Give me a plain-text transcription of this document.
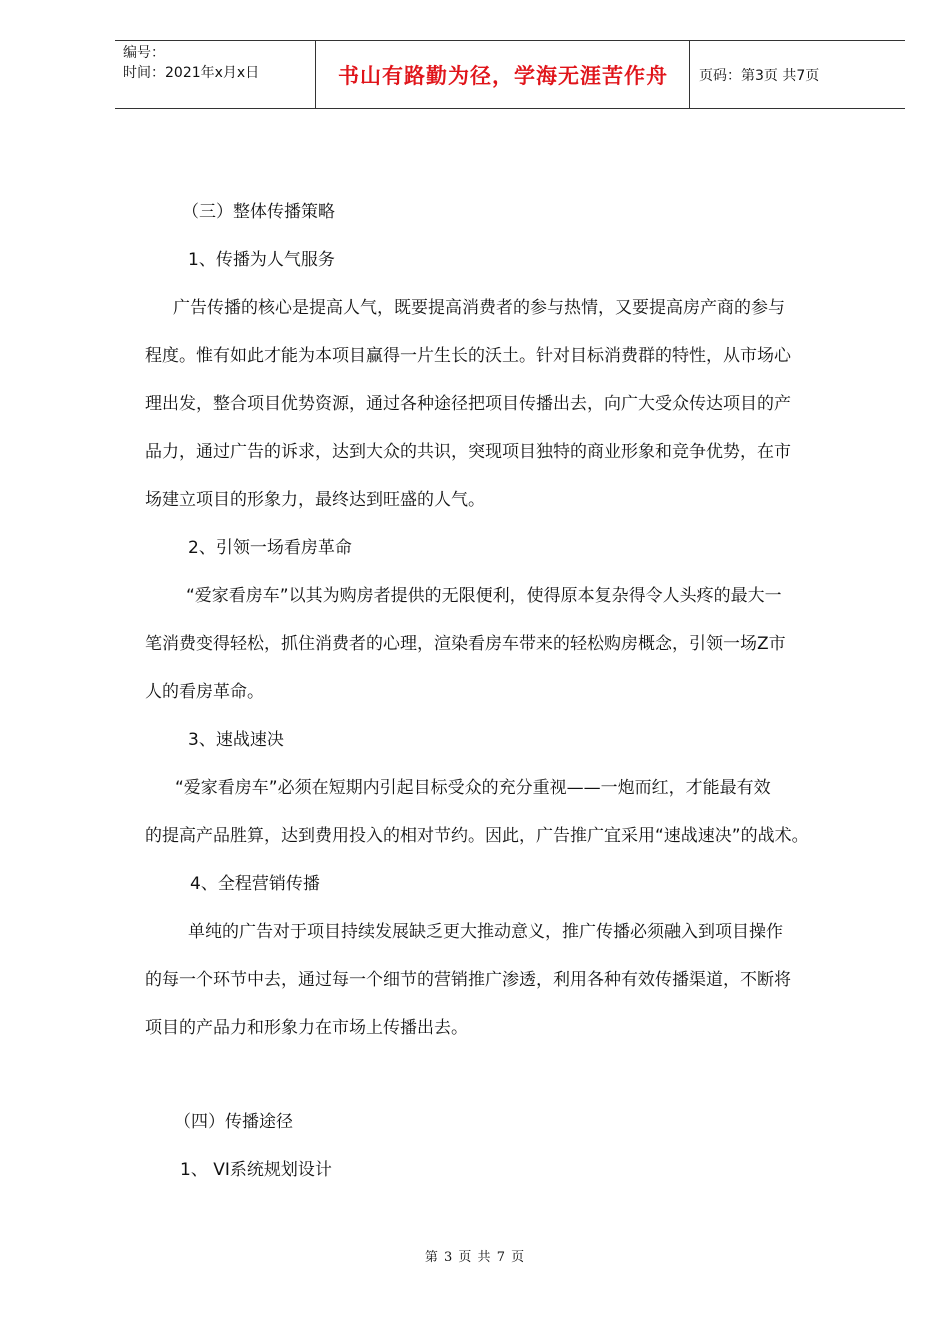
编号：
时间：2021年x月x日	书山有路勤为径，学海无涯苦作舟	页码：第3页 共7页
（三）整体传播策略
1、传播为人气服务
广告传播的核心是提高人气，既要提高消费者的参与热情，又要提高房产商的参与
程度。惟有如此才能为本项目赢得一片生长的沃土。针对目标消费群的特性，从市场心
理出发，整合项目优势资源，通过各种途径把项目传播出去，向广大受众传达项目的产
品力，通过广告的诉求，达到大众的共识，突现项目独特的商业形象和竞争优势，在市
场建立项目的形象力，最终达到旺盛的人气。
2、引领一场看房革命
“爱家看房车”以其为购房者提供的无限便利，使得原本复杂得令人头疼的最大一
笔消费变得轻松，抓住消费者的心理，渲染看房车带来的轻松购房概念，引领一场Z市
人的看房革命。
3、速战速决
“爱家看房车”必须在短期内引起目标受众的充分重视——一炮而红，才能最有效
的提高产品胜算，达到费用投入的相对节约。因此，广告推广宜采用“速战速决”的战术。
4、全程营销传播
单纯的广告对于项目持续发展缺乏更大推动意义，推广传播必须融入到项目操作
的每一个环节中去，通过每一个细节的营销推广渗透，利用各种有效传播渠道，不断将
项目的产品力和形象力在市场上传播出去。
（四）传播途径
1、 VI系统规划设计
第 3 页 共 7 页
